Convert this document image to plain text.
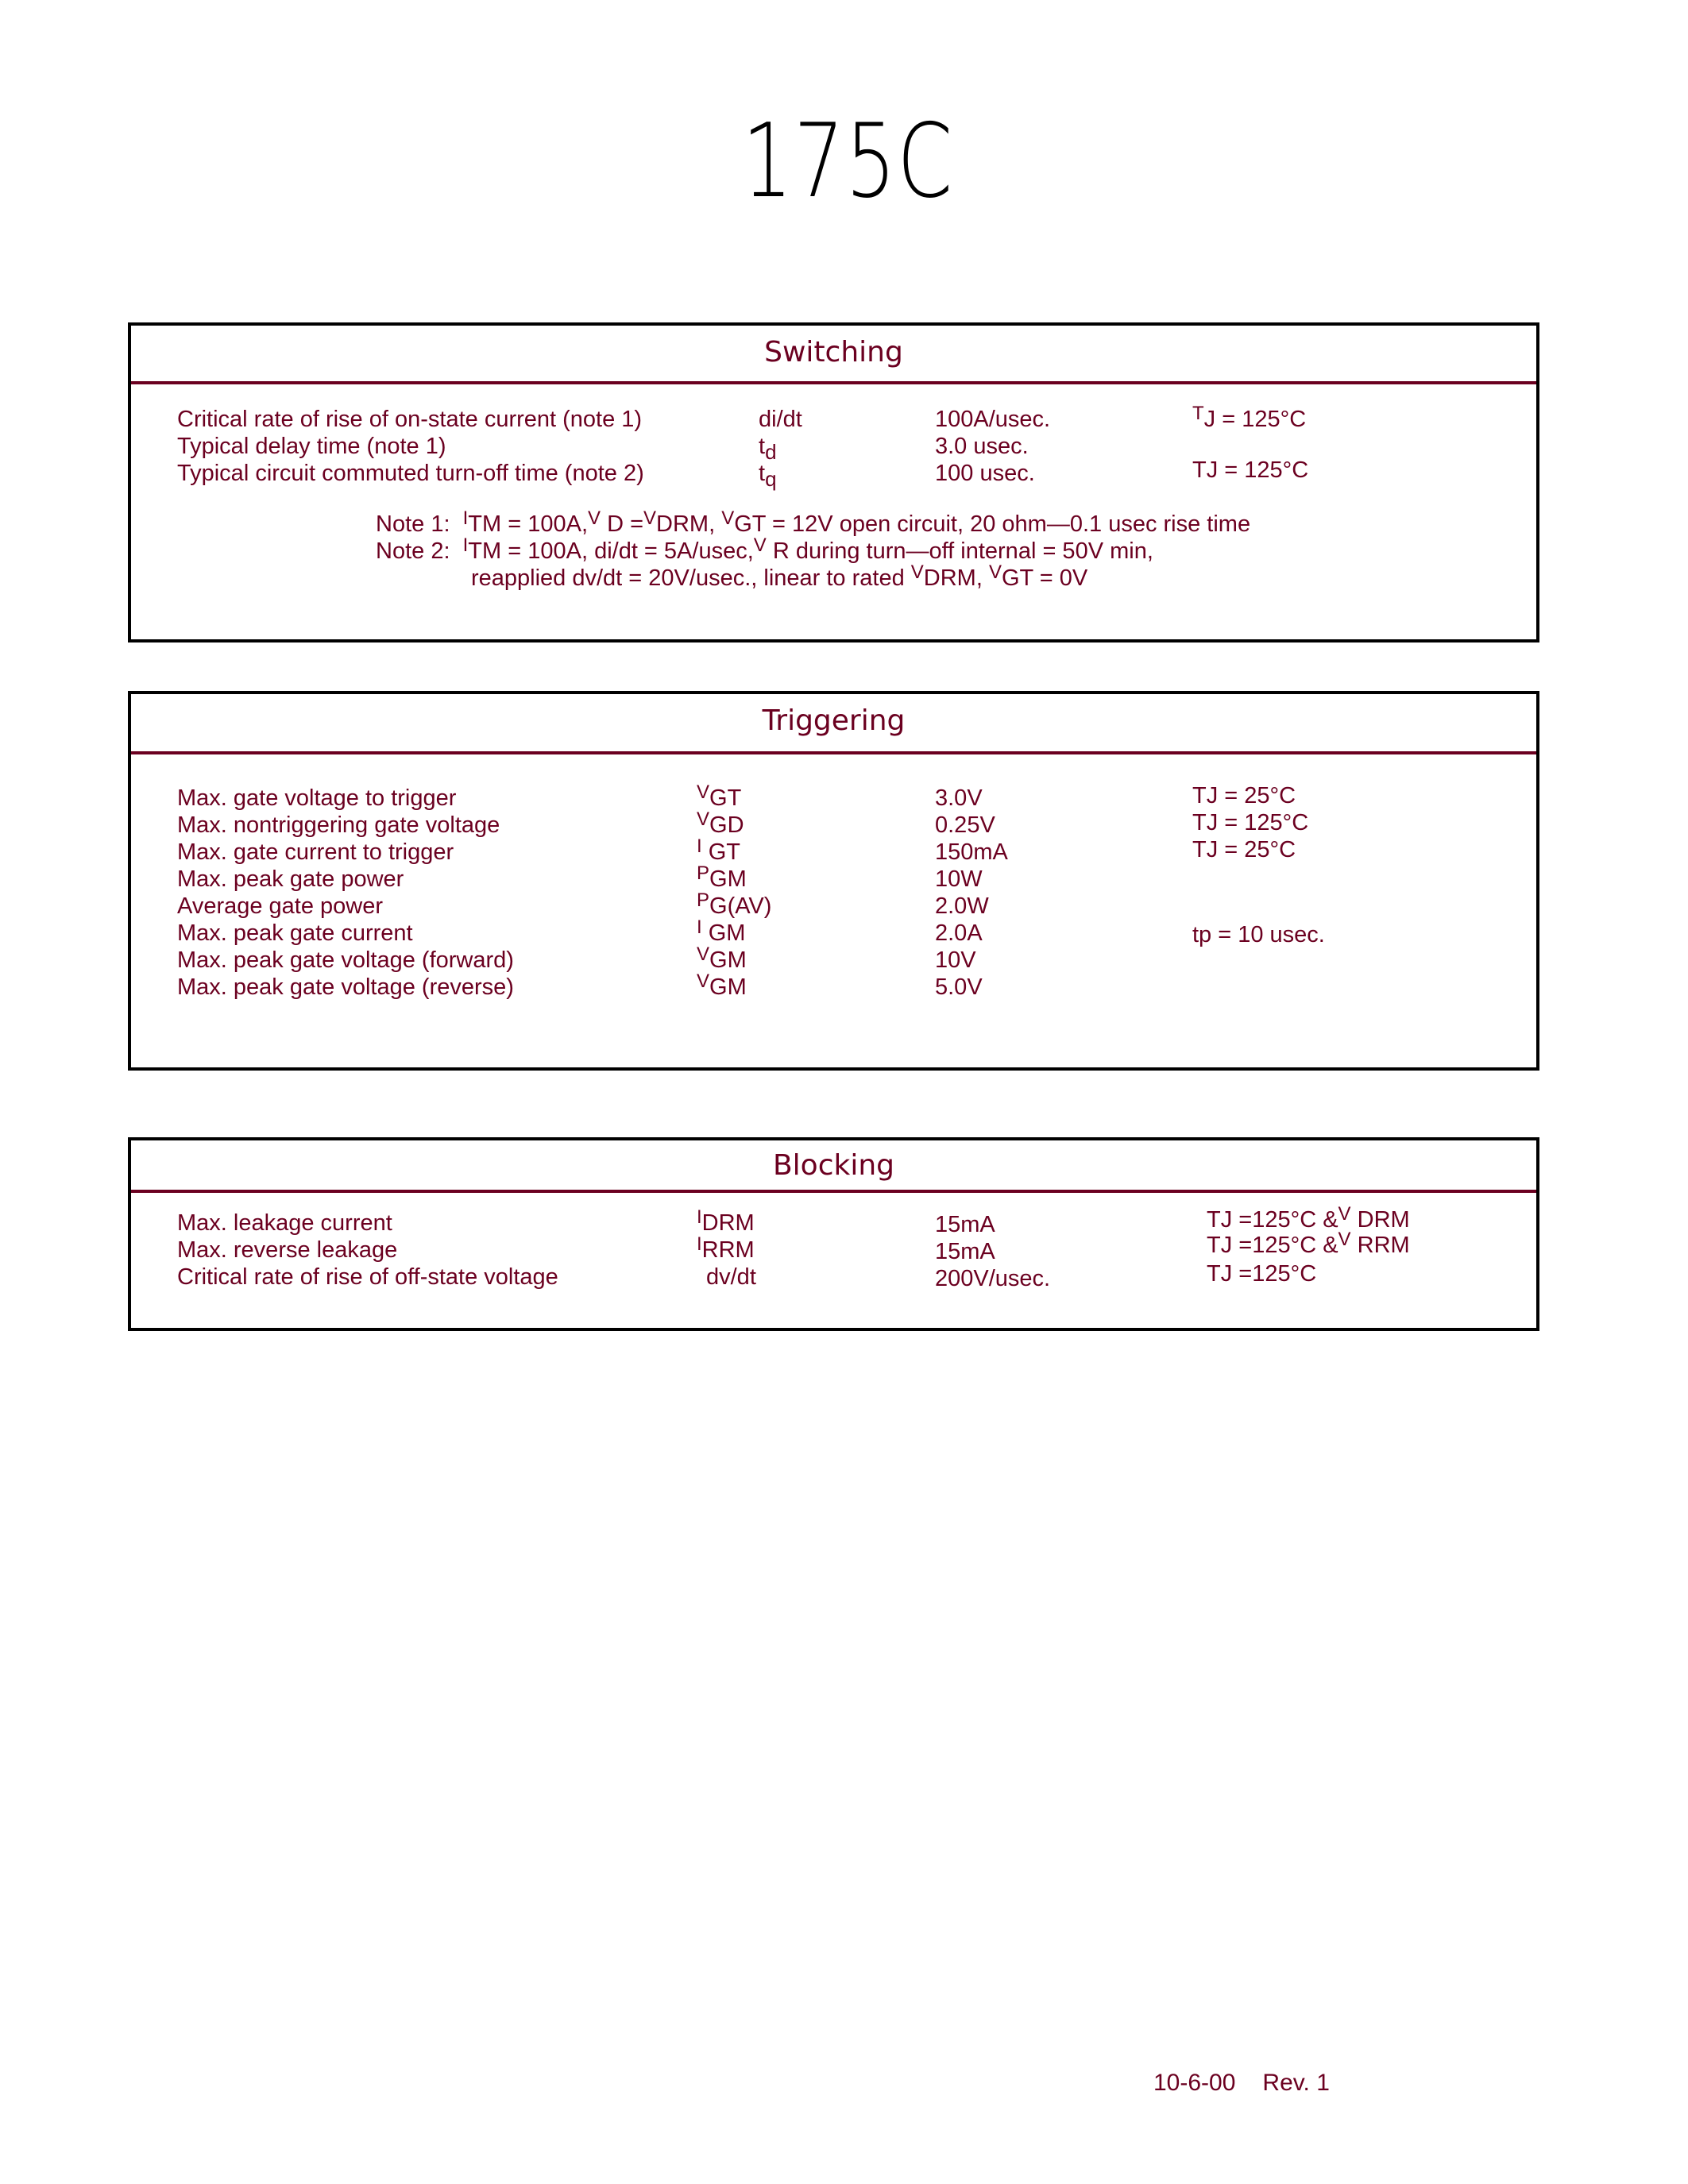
175C
Switching
Critical rate of rise of on-state current (note 1)	di/dt	100A/usec.	$^T$J = 125°C
Typical delay time (note 1)	td	3.0 usec.
Typical circuit commuted turn-off time (note 2)	tq	100 usec.	TJ = 125°C
Note 1: $^I$TM = 100A,$^V$ D =$^V$DRM, $^V$GT = 12V open circuit, 20 ohm—0.1 usec rise time
Note 2: $^I$TM = 100A, di/dt = 5A/usec,$^V$ R during turn—off internal = 50V min,
reapplied dv/dt = 20V/usec., linear to rated $^V$DRM, $^V$GT = 0V
Triggering
Max. gate voltage to trigger	$^V$GT	3.0V	TJ = 25°C
Max. nontriggering gate voltage	$^V$GD	0.25V	TJ = 125°C
Max. gate current to trigger	$^I$ GT	150mA	TJ = 25°C
Max. peak gate power	$^P$GM	10W
Average gate power	$^P$G(AV)	2.0W
Max. peak gate current	$^I$ GM	2.0A	tp = 10 usec.
Max. peak gate voltage (forward)	$^V$GM	10V
Max. peak gate voltage (reverse)	$^V$GM	5.0V
Blocking
Max. leakage current	$^I$DRM	15mA	TJ =125°C &$^V$ DRM
Max. reverse leakage	$^I$RRM	15mA	TJ =125°C &$^V$ RRM
Critical rate of rise of off-state voltage	dv/dt	200V/usec.	TJ =125°C
10-6-00 Rev. 1
